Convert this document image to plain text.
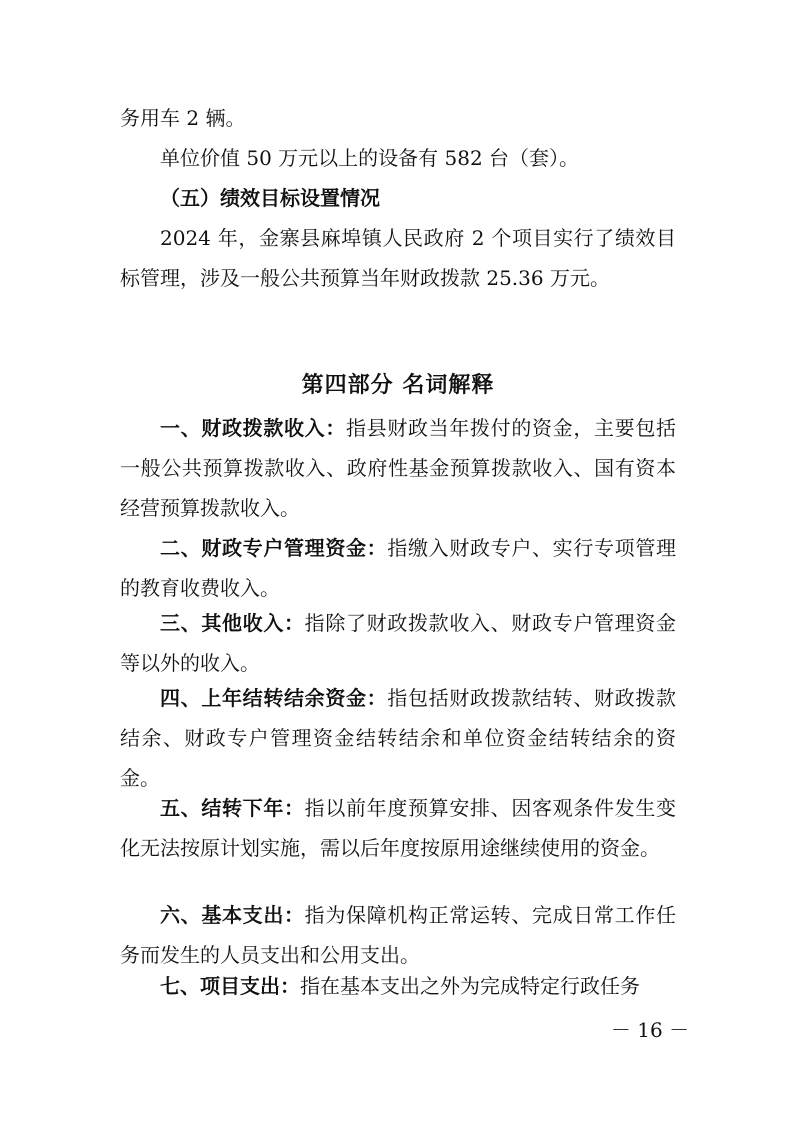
务用车 2 辆。
单位价值 50 万元以上的设备有 582 台（套）。
（五）绩效目标设置情况
2024 年，金寨县麻埠镇人民政府 2 个项目实行了绩效目标管理，涉及一般公共预算当年财政拨款 25.36 万元。
第四部分 名词解释
一、财政拨款收入：指县财政当年拨付的资金，主要包括一般公共预算拨款收入、政府性基金预算拨款收入、国有资本经营预算拨款收入。
二、财政专户管理资金：指缴入财政专户、实行专项管理的教育收费收入。
三、其他收入：指除了财政拨款收入、财政专户管理资金等以外的收入。
四、上年结转结余资金：指包括财政拨款结转、财政拨款结余、财政专户管理资金结转结余和单位资金结转结余的资金。
五、结转下年：指以前年度预算安排、因客观条件发生变化无法按原计划实施，需以后年度按原用途继续使用的资金。
六、基本支出：指为保障机构正常运转、完成日常工作任务而发生的人员支出和公用支出。
七、项目支出：指在基本支出之外为完成特定行政任务
－ 16 －
